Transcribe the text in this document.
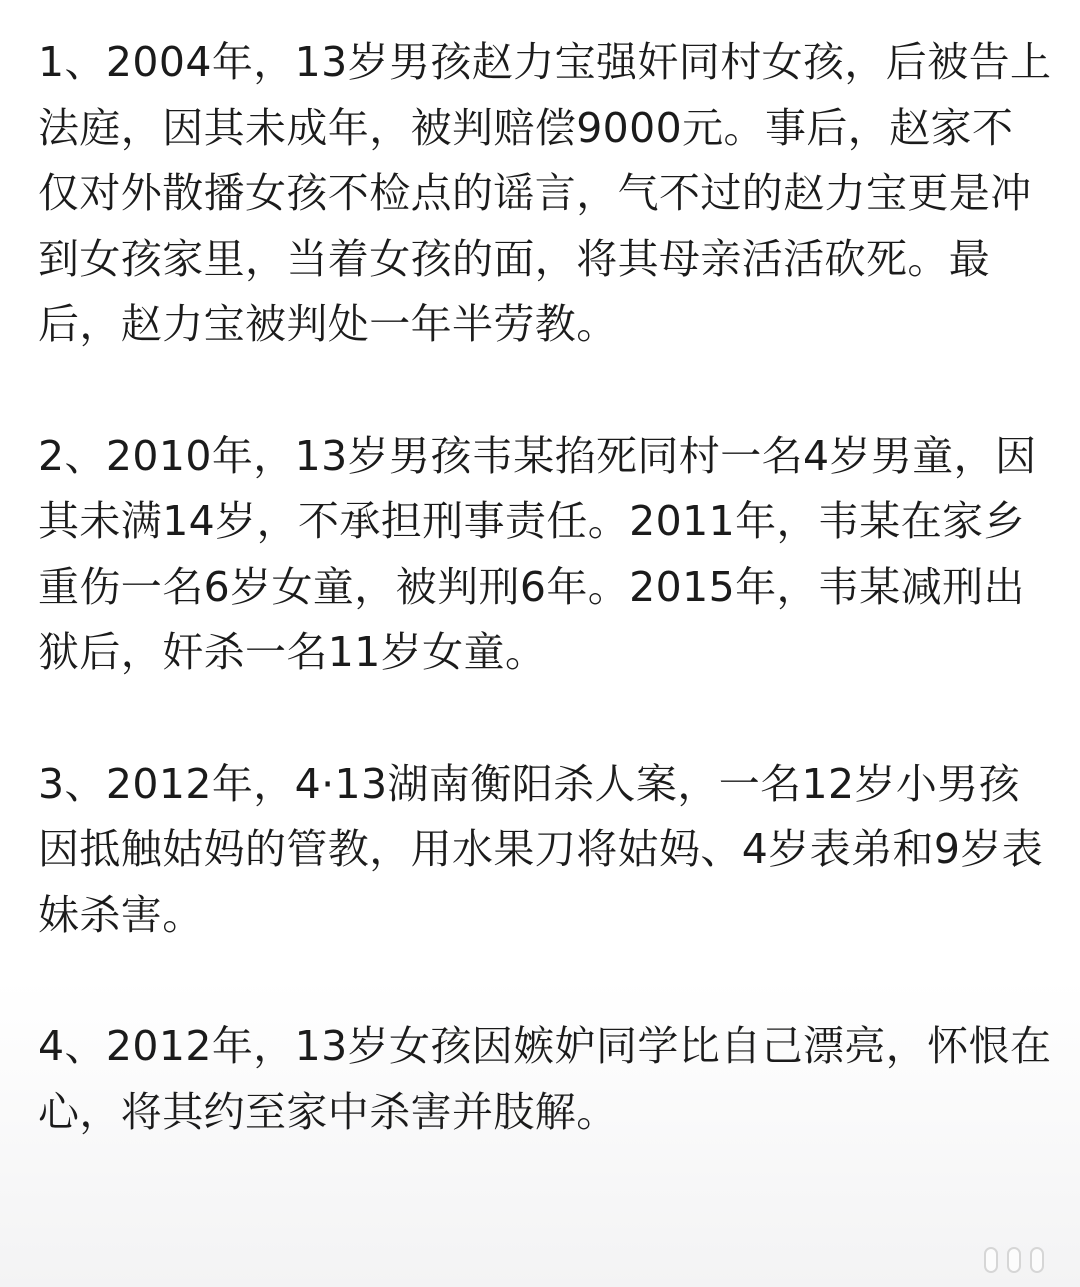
1、2004年，13岁男孩赵力宝强奸同村女孩，后被告上法庭，因其未成年，被判赔偿9000元。事后，赵家不仅对外散播女孩不检点的谣言，气不过的赵力宝更是冲到女孩家里，当着女孩的面，将其母亲活活砍死。最后，赵力宝被判处一年半劳教。

2、2010年，13岁男孩韦某掐死同村一名4岁男童，因其未满14岁，不承担刑事责任。2011年，韦某在家乡重伤一名6岁女童，被判刑6年。2015年，韦某减刑出狱后，奸杀一名11岁女童。

3、2012年，4·13湖南衡阳杀人案，一名12岁小男孩因抵触姑妈的管教，用水果刀将姑妈、4岁表弟和9岁表妹杀害。

4、2012年，13岁女孩因嫉妒同学比自己漂亮，怀恨在心，将其约至家中杀害并肢解。
